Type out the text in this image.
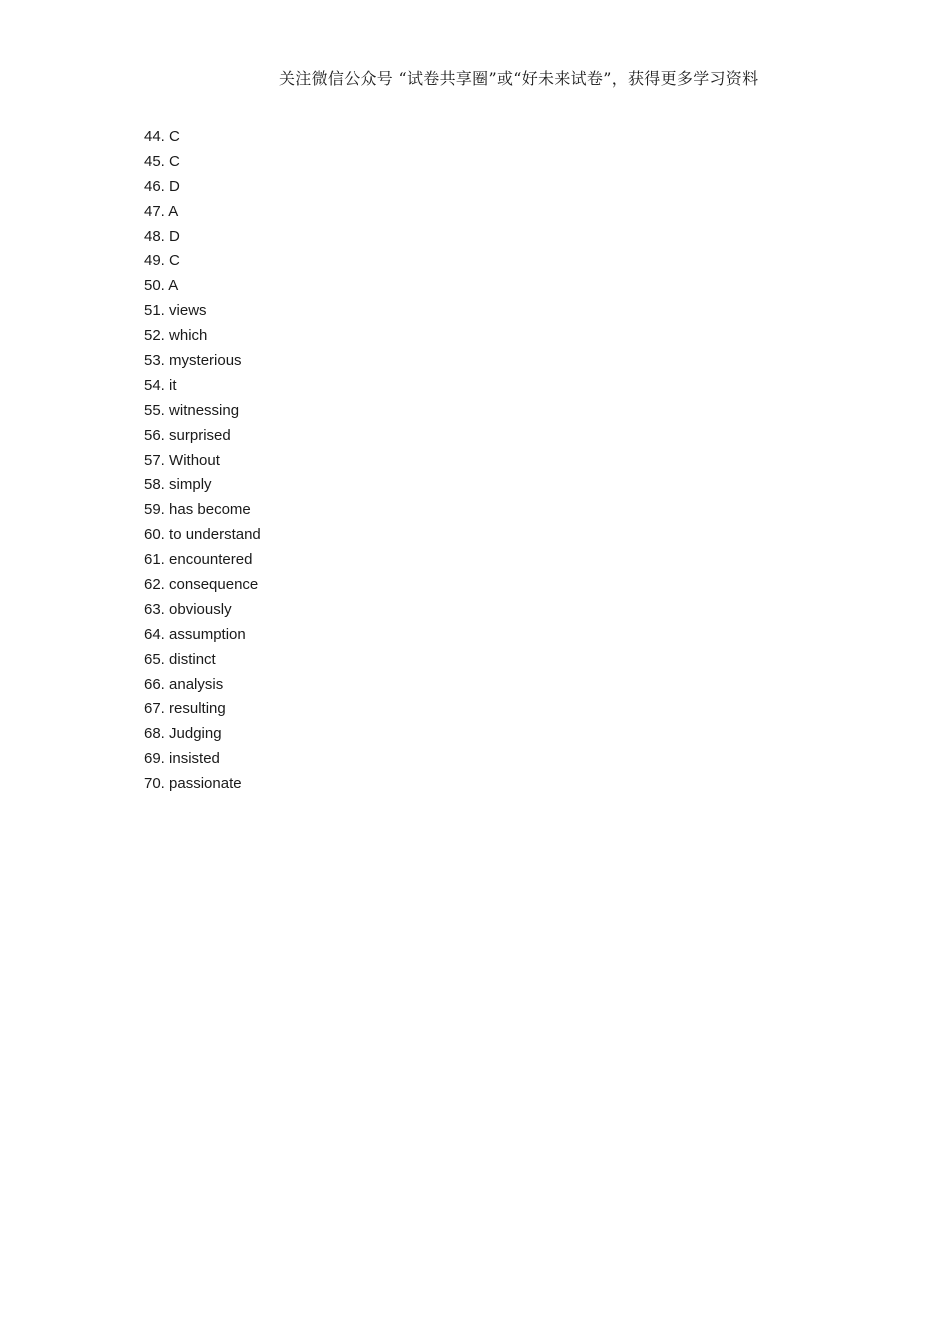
关注微信公众号 “试卷共享圈”或“好未来试卷”，获得更多学习资料
44. C
45. C
46. D
47. A
48. D
49. C
50. A
51. views
52. which
53. mysterious
54. it
55. witnessing
56. surprised
57. Without
58. simply
59. has become
60. to understand
61. encountered
62. consequence
63. obviously
64. assumption
65. distinct
66. analysis
67. resulting
68. Judging
69. insisted
70. passionate
